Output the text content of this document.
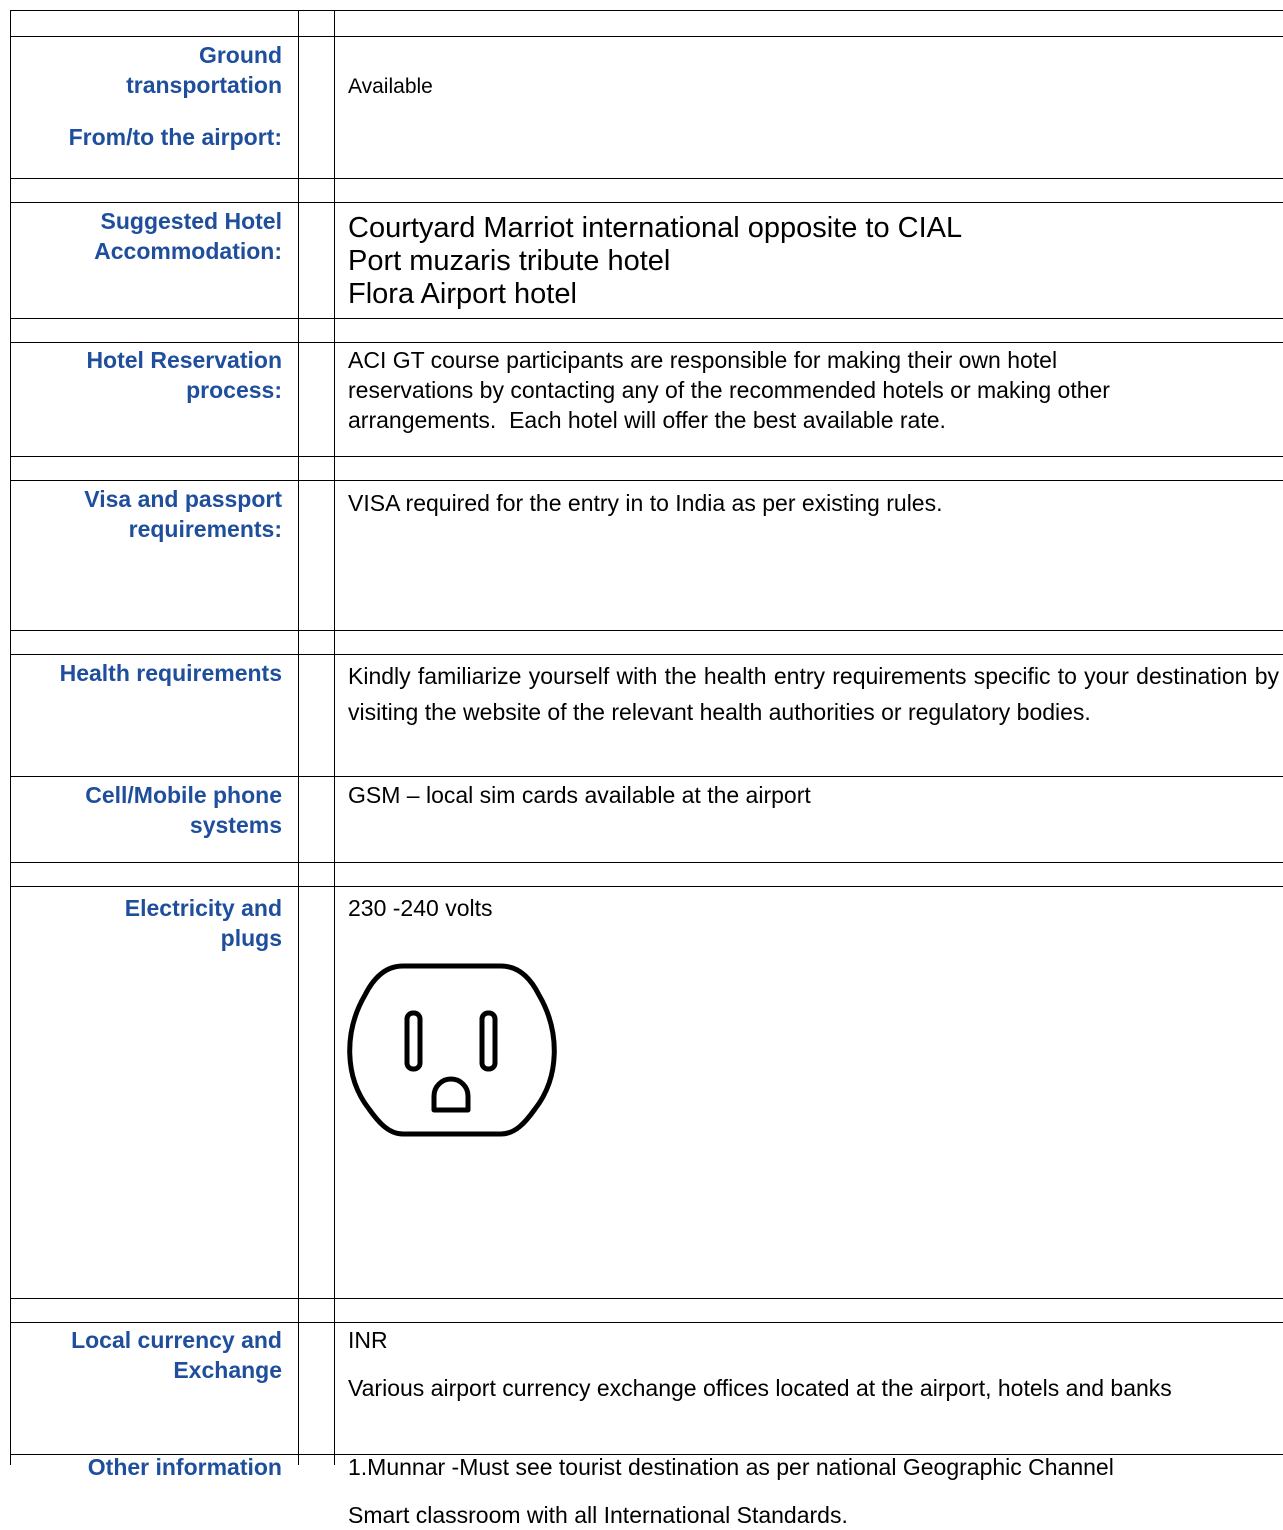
Ground
transportation
From/to the airport:
Available
Suggested Hotel
Accommodation:

Courtyard Marriot international opposite to CIAL

Port muzaris tribute hotel

Flora Airport hotel

Hotel Reservation
process:

ACI GT course participants are responsible for making their own hotel

reservations by contacting any of the recommended hotels or making other

arrangements.  Each hotel will offer the best available rate.

Visa and passport
requirements:
VISA required for the entry in to India as per existing rules.
Health requirements	Kindly familiarize yourself with the health entry requirements specific to your destination by visiting the website of the relevant health authorities or regulatory bodies.
Cell/Mobile phone
systems
GSM – local sim cards available at the airport
Electricity and
plugs
230 -240 volts
Local currency and
Exchange

INR

Various airport currency exchange offices located at the airport, hotels and banks

Other information	1.Munnar -Must see tourist destination as per national Geographic Channel

Smart classroom with all International Standards.
